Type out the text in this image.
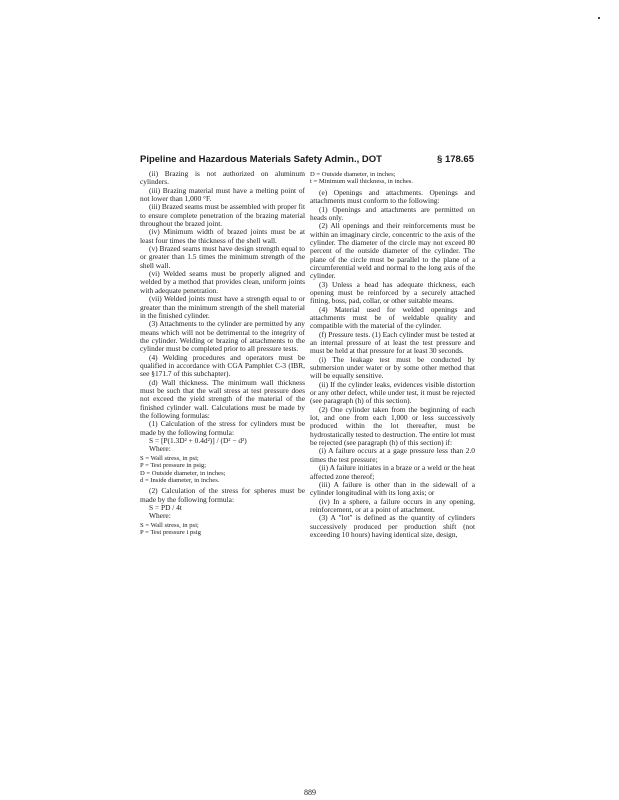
Pipeline and Hazardous Materials Safety Admin., DOT	§ 178.65

(ii) Brazing is not authorized on aluminum cylinders.

(iii) Brazing material must have a melting point of not lower than 1,000 °F.

(iii) Brazed seams must be assembled with proper fit to ensure complete penetration of the brazing material throughout the brazed joint.

(iv) Minimum width of brazed joints must be at least four times the thickness of the shell wall.

(v) Brazed seams must have design strength equal to or greater than 1.5 times the minimum strength of the shell wall.

(vi) Welded seams must be properly aligned and welded by a method that provides clean, uniform joints with adequate penetration.

(vii) Welded joints must have a strength equal to or greater than the minimum strength of the shell material in the finished cylinder.

(3) Attachments to the cylinder are permitted by any means which will not be detrimental to the integrity of the cylinder. Welding or brazing of attachments to the cylinder must be completed prior to all pressure tests.

(4) Welding procedures and operators must be qualified in accordance with CGA Pamphlet C-3 (IBR, see §171.7 of this subchapter).

(d) Wall thickness. The minimum wall thickness must be such that the wall stress at test pressure does not exceed the yield strength of the material of the finished cylinder wall. Calculations must be made by the following formulas:

(1) Calculation of the stress for cylinders must be made by the following formula:

S = [P(1.3D² + 0.4d²)] / (D² − d²)

Where:

S = Wall stress, in psi;
P = Test pressure in psig;
D = Outside diameter, in inches;
d = Inside diameter, in inches.

(2) Calculation of the stress for spheres must be made by the following formula:

S = PD / 4t

Where:

S = Wall stress, in psi;
P = Test pressure i psig
D = Outside diameter, in inches;
t = Minimum wall thickness, in inches.

(e) Openings and attachments. Openings and attachments must conform to the following:

(1) Openings and attachments are permitted on heads only.

(2) All openings and their reinforcements must be within an imaginary circle, concentric to the axis of the cylinder. The diameter of the circle may not exceed 80 percent of the outside diameter of the cylinder. The plane of the circle must be parallel to the plane of a circumferential weld and normal to the long axis of the cylinder.

(3) Unless a head has adequate thickness, each opening must be reinforced by a securely attached fitting, boss, pad, collar, or other suitable means.

(4) Material used for welded openings and attachments must be of weldable quality and compatible with the material of the cylinder.

(f) Pressure tests. (1) Each cylinder must be tested at an internal pressure of at least the test pressure and must be held at that pressure for at least 30 seconds.

(i) The leakage test must be conducted by submersion under water or by some other method that will be equally sensitive.

(ii) If the cylinder leaks, evidences visible distortion or any other defect, while under test, it must be rejected (see paragraph (h) of this section).

(2) One cylinder taken from the beginning of each lot, and one from each 1,000 or less successively produced within the lot thereafter, must be hydrostatically tested to destruction. The entire lot must be rejected (see paragraph (h) of this section) if:

(i) A failure occurs at a gage pressure less than 2.0 times the test pressure;

(ii) A failure initiates in a braze or a weld or the heat affected zone thereof;

(iii) A failure is other than in the sidewall of a cylinder longitudinal with its long axis; or

(iv) In a sphere, a failure occurs in any opening, reinforcement, or at a point of attachment.

(3) A "lot" is defined as the quantity of cylinders successively produced per production shift (not exceeding 10 hours) having identical size, design,

889
